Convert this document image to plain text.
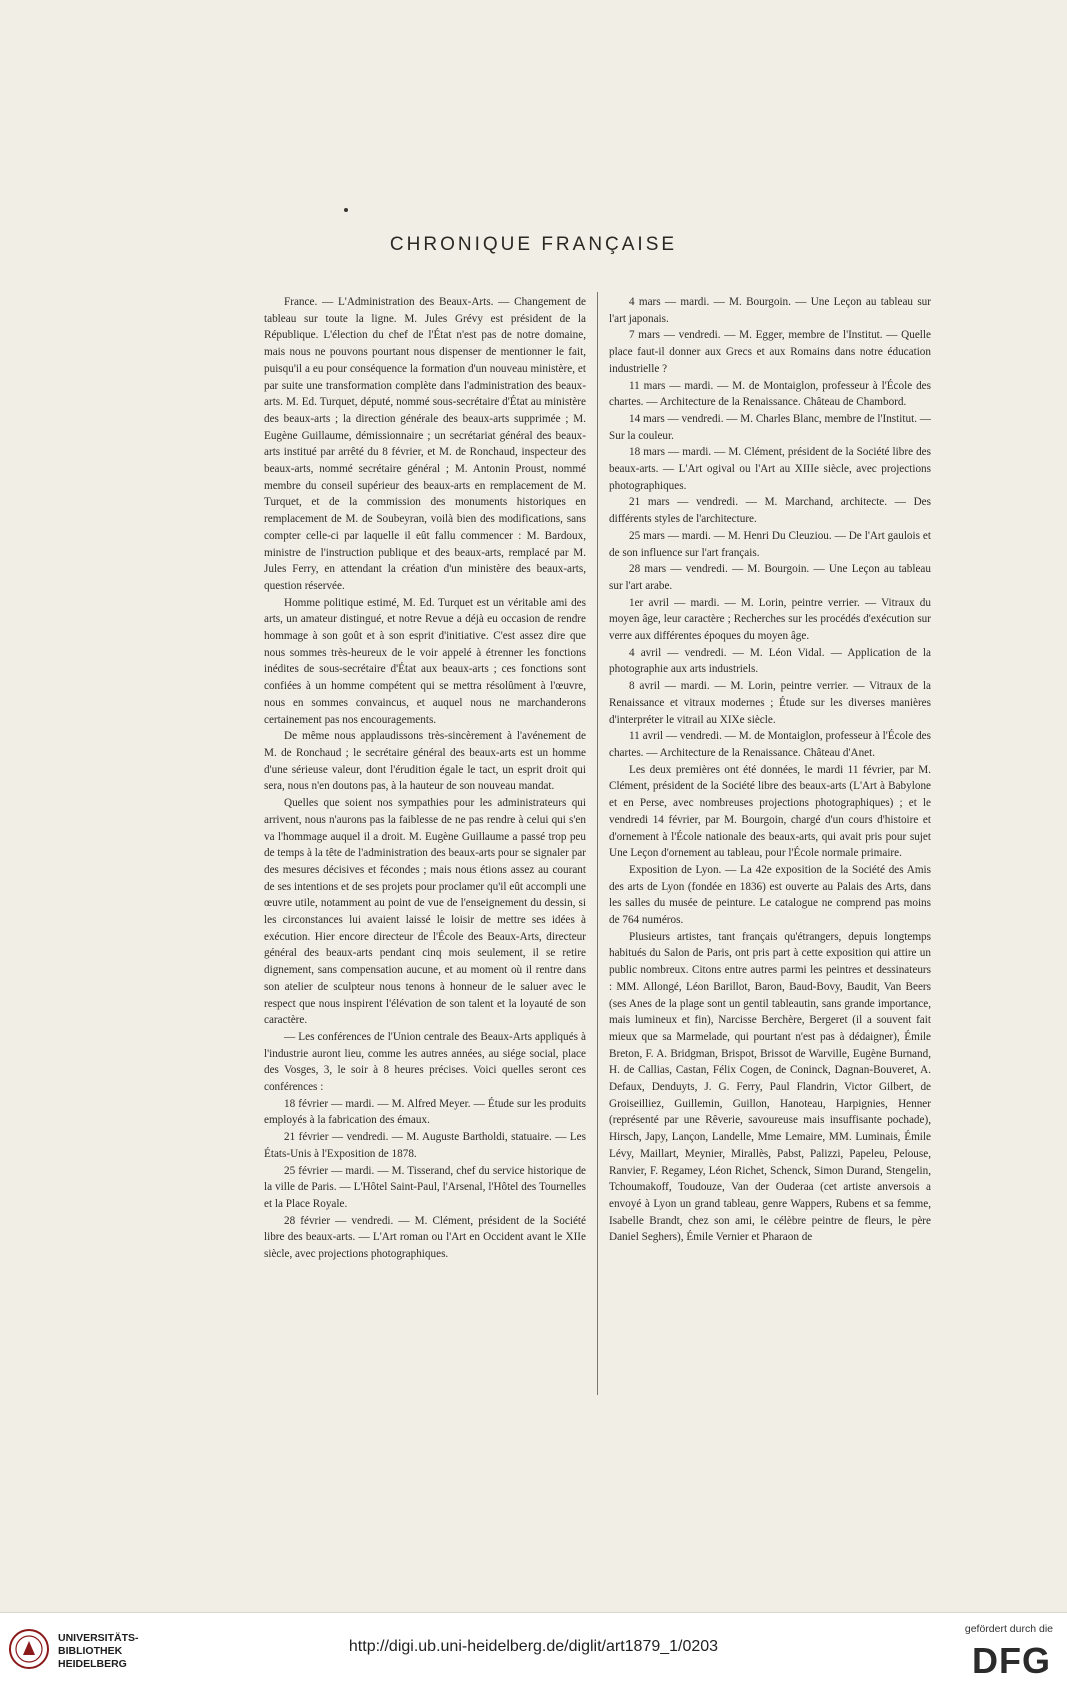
CHRONIQUE FRANÇAISE

France. — L'Administration des Beaux-Arts. — Changement de tableau sur toute la ligne. M. Jules Grévy est président de la République. L'élection du chef de l'État n'est pas de notre domaine, mais nous ne pouvons pourtant nous dispenser de mentionner le fait, puisqu'il a eu pour conséquence la formation d'un nouveau ministère, et par suite une transformation complète dans l'administration des beaux-arts. M. Ed. Turquet, député, nommé sous-secrétaire d'État au ministère des beaux-arts ; la direction générale des beaux-arts supprimée ; M. Eugène Guillaume, démissionnaire ; un secrétariat général des beaux-arts institué par arrêté du 8 février, et M. de Ronchaud, inspecteur des beaux-arts, nommé secrétaire général ; M. Antonin Proust, nommé membre du conseil supérieur des beaux-arts en remplacement de M. Turquet, et de la commission des monuments historiques en remplacement de M. de Soubeyran, voilà bien des modifications, sans compter celle-ci par laquelle il eût fallu commencer : M. Bardoux, ministre de l'instruction publique et des beaux-arts, remplacé par M. Jules Ferry, en attendant la création d'un ministère des beaux-arts, question réservée.

Homme politique estimé, M. Ed. Turquet est un véritable ami des arts, un amateur distingué, et notre Revue a déjà eu occasion de rendre hommage à son goût et à son esprit d'initiative. C'est assez dire que nous sommes très-heureux de le voir appelé à étrenner les fonctions inédites de sous-secrétaire d'État aux beaux-arts ; ces fonctions sont confiées à un homme compétent qui se mettra résolûment à l'œuvre, nous en sommes convaincus, et auquel nous ne marchanderons certainement pas nos encouragements.

De même nous applaudissons très-sincèrement à l'avénement de M. de Ronchaud ; le secrétaire général des beaux-arts est un homme d'une sérieuse valeur, dont l'érudition égale le tact, un esprit droit qui sera, nous n'en doutons pas, à la hauteur de son nouveau mandat.

Quelles que soient nos sympathies pour les administrateurs qui arrivent, nous n'aurons pas la faiblesse de ne pas rendre à celui qui s'en va l'hommage auquel il a droit. M. Eugène Guillaume a passé trop peu de temps à la tête de l'administration des beaux-arts pour se signaler par des mesures décisives et fécondes ; mais nous étions assez au courant de ses intentions et de ses projets pour proclamer qu'il eût accompli une œuvre utile, notamment au point de vue de l'enseignement du dessin, si les circonstances lui avaient laissé le loisir de mettre ses idées à exécution. Hier encore directeur de l'École des Beaux-Arts, directeur général des beaux-arts pendant cinq mois seulement, il se retire dignement, sans compensation aucune, et au moment où il rentre dans son atelier de sculpteur nous tenons à honneur de le saluer avec le respect que nous inspirent l'élévation de son talent et la loyauté de son caractère.

— Les conférences de l'Union centrale des Beaux-Arts appliqués à l'industrie auront lieu, comme les autres années, au siége social, place des Vosges, 3, le soir à 8 heures précises. Voici quelles seront ces conférences :

18 février — mardi. — M. Alfred Meyer. — Étude sur les produits employés à la fabrication des émaux.

21 février — vendredi. — M. Auguste Bartholdi, statuaire. — Les États-Unis à l'Exposition de 1878.

25 février — mardi. — M. Tisserand, chef du service historique de la ville de Paris. — L'Hôtel Saint-Paul, l'Arsenal, l'Hôtel des Tournelles et la Place Royale.

28 février — vendredi. — M. Clément, président de la Société libre des beaux-arts. — L'Art roman ou l'Art en Occident avant le XIIe siècle, avec projections photographiques.

4 mars — mardi. — M. Bourgoin. — Une Leçon au tableau sur l'art japonais.

7 mars — vendredi. — M. Egger, membre de l'Institut. — Quelle place faut-il donner aux Grecs et aux Romains dans notre éducation industrielle ?

11 mars — mardi. — M. de Montaiglon, professeur à l'École des chartes. — Architecture de la Renaissance. Château de Chambord.

14 mars — vendredi. — M. Charles Blanc, membre de l'Institut. — Sur la couleur.

18 mars — mardi. — M. Clément, président de la Société libre des beaux-arts. — L'Art ogival ou l'Art au XIIIe siècle, avec projections photographiques.

21 mars — vendredi. — M. Marchand, architecte. — Des différents styles de l'architecture.

25 mars — mardi. — M. Henri Du Cleuziou. — De l'Art gaulois et de son influence sur l'art français.

28 mars — vendredi. — M. Bourgoin. — Une Leçon au tableau sur l'art arabe.

1er avril — mardi. — M. Lorin, peintre verrier. — Vitraux du moyen âge, leur caractère ; Recherches sur les procédés d'exécution sur verre aux différentes époques du moyen âge.

4 avril — vendredi. — M. Léon Vidal. — Application de la photographie aux arts industriels.

8 avril — mardi. — M. Lorin, peintre verrier. — Vitraux de la Renaissance et vitraux modernes ; Étude sur les diverses manières d'interpréter le vitrail au XIXe siècle.

11 avril — vendredi. — M. de Montaiglon, professeur à l'École des chartes. — Architecture de la Renaissance. Château d'Anet.

Les deux premières ont été données, le mardi 11 février, par M. Clément, président de la Société libre des beaux-arts (L'Art à Babylone et en Perse, avec nombreuses projections photographiques) ; et le vendredi 14 février, par M. Bourgoin, chargé d'un cours d'histoire et d'ornement à l'École nationale des beaux-arts, qui avait pris pour sujet Une Leçon d'ornement au tableau, pour l'École normale primaire.

Exposition de Lyon. — La 42e exposition de la Société des Amis des arts de Lyon (fondée en 1836) est ouverte au Palais des Arts, dans les salles du musée de peinture. Le catalogue ne comprend pas moins de 764 numéros.

Plusieurs artistes, tant français qu'étrangers, depuis longtemps habitués du Salon de Paris, ont pris part à cette exposition qui attire un public nombreux. Citons entre autres parmi les peintres et dessinateurs : MM. Allongé, Léon Barillot, Baron, Baud-Bovy, Baudit, Van Beers (ses Anes de la plage sont un gentil tableautin, sans grande importance, mais lumineux et fin), Narcisse Berchère, Bergeret (il a souvent fait mieux que sa Marmelade, qui pourtant n'est pas à dédaigner), Émile Breton, F. A. Bridgman, Brispot, Brissot de Warville, Eugène Burnand, H. de Callias, Castan, Félix Cogen, de Coninck, Dagnan-Bouveret, A. Defaux, Denduyts, J. G. Ferry, Paul Flandrin, Victor Gilbert, de Groiseilliez, Guillemin, Guillon, Hanoteau, Harpignies, Henner (représenté par une Rêverie, savoureuse mais insuffisante pochade), Hirsch, Japy, Lançon, Landelle, Mme Lemaire, MM. Luminais, Émile Lévy, Maillart, Meynier, Mirallès, Pabst, Palizzi, Papeleu, Pelouse, Ranvier, F. Regamey, Léon Richet, Schenck, Simon Durand, Stengelin, Tchoumakoff, Toudouze, Van der Ouderaa (cet artiste anversois a envoyé à Lyon un grand tableau, genre Wappers, Rubens et sa femme, Isabelle Brandt, chez son ami, le célèbre peintre de fleurs, le père Daniel Seghers), Émile Vernier et Pharaon de

UNIVERSITÄTS-
BIBLIOTHEK
HEIDELBERG
http://digi.ub.uni-heidelberg.de/diglit/art1879_1/0203
gefördert durch die
DFG
